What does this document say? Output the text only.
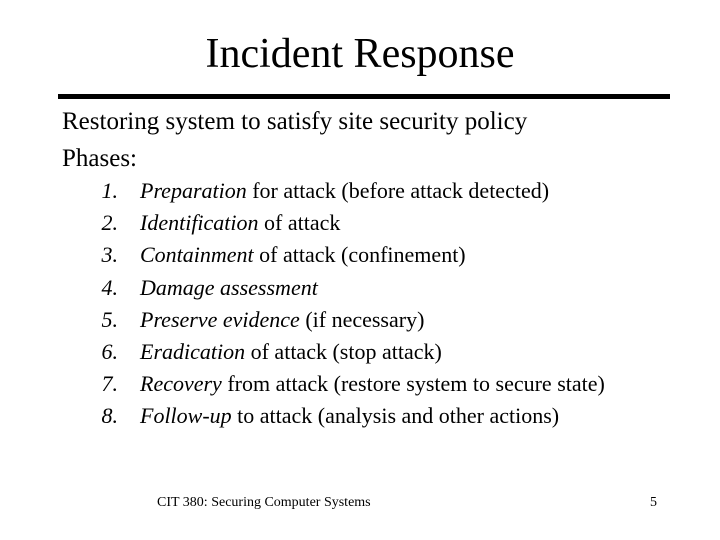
Incident Response
Restoring system to satisfy site security policy
Phases:
1. Preparation for attack (before attack detected)
2. Identification of attack
3. Containment of attack (confinement)
4. Damage assessment
5. Preserve evidence (if necessary)
6. Eradication of attack (stop attack)
7. Recovery from attack (restore system to secure state)
8. Follow-up to attack (analysis and other actions)
CIT 380: Securing Computer Systems	5
